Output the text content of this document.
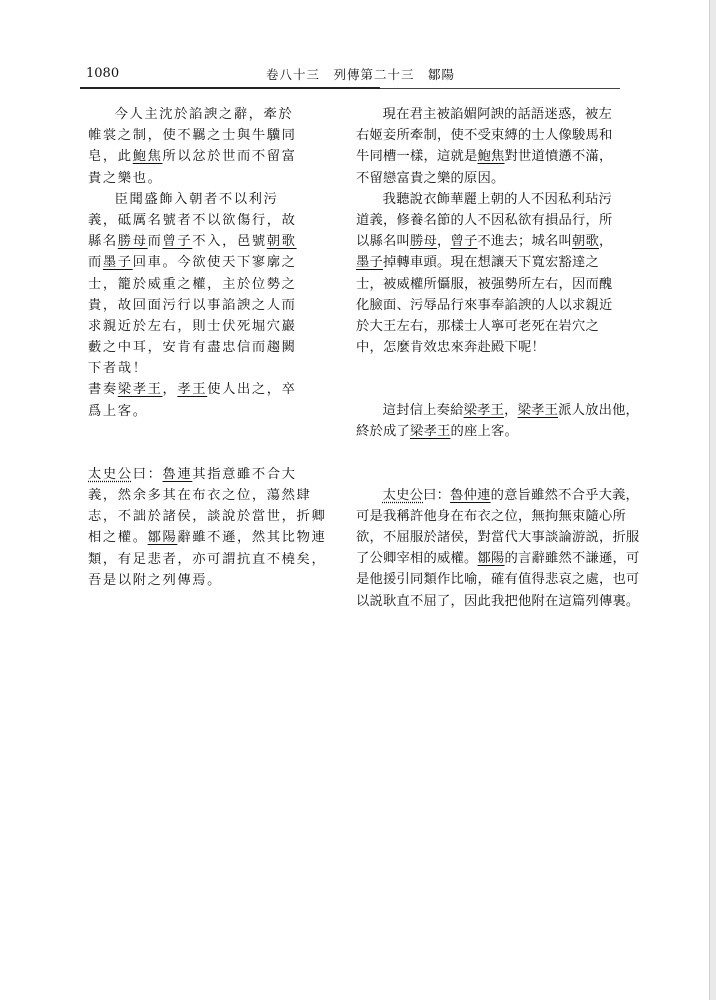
1080	卷八十三　列傳第二十三　鄒陽
今人主沈於諂諛之辭，牽於
帷裳之制，使不羈之士與牛驥同
皂，此鮑焦所以忿於世而不留富
貴之樂也。
臣聞盛飾入朝者不以利污
義，砥厲名號者不以欲傷行，故
縣名勝母而曾子不入，邑號朝歌
而墨子回車。今欲使天下寥廓之
士，籠於威重之權，主於位勢之
貴，故回面污行以事諂諛之人而
求親近於左右，則士伏死堀穴巖
藪之中耳，安肯有盡忠信而趨闕
下者哉！
書奏梁孝王，孝王使人出之，卒
爲上客。
太史公曰：魯連其指意雖不合大
義，然余多其在布衣之位，蕩然肆
志，不詘於諸侯，談說於當世，折卿
相之權。鄒陽辭雖不遜，然其比物連
類，有足悲者，亦可謂抗直不橈矣，
吾是以附之列傳焉。
現在君主被諂媚阿諛的話語迷惑，被左
右姬妾所牽制，使不受束縛的士人像駿馬和
牛同槽一樣，這就是鮑焦對世道憤懣不滿，
不留戀富貴之樂的原因。
我聽說衣飾華麗上朝的人不因私利玷污
道義，修養名節的人不因私欲有損品行，所
以縣名叫勝母，曾子不進去；城名叫朝歌，
墨子掉轉車頭。現在想讓天下寬宏豁達之
士，被威權所懾服，被强勢所左右，因而醜
化臉面、污辱品行來事奉諂諛的人以求親近
於大王左右，那樣士人寧可老死在岩穴之
中，怎麼肯效忠來奔赴殿下呢！
這封信上奏給梁孝王，梁孝王派人放出他，
終於成了梁孝王的座上客。
太史公曰：魯仲連的意旨雖然不合乎大義，
可是我稱許他身在布衣之位，無拘無束隨心所
欲，不屈服於諸侯，對當代大事談論游説，折服
了公卿宰相的威權。鄒陽的言辭雖然不謙遜，可
是他援引同類作比喻，確有值得悲哀之處，也可
以説耿直不屈了，因此我把他附在這篇列傳裏。
